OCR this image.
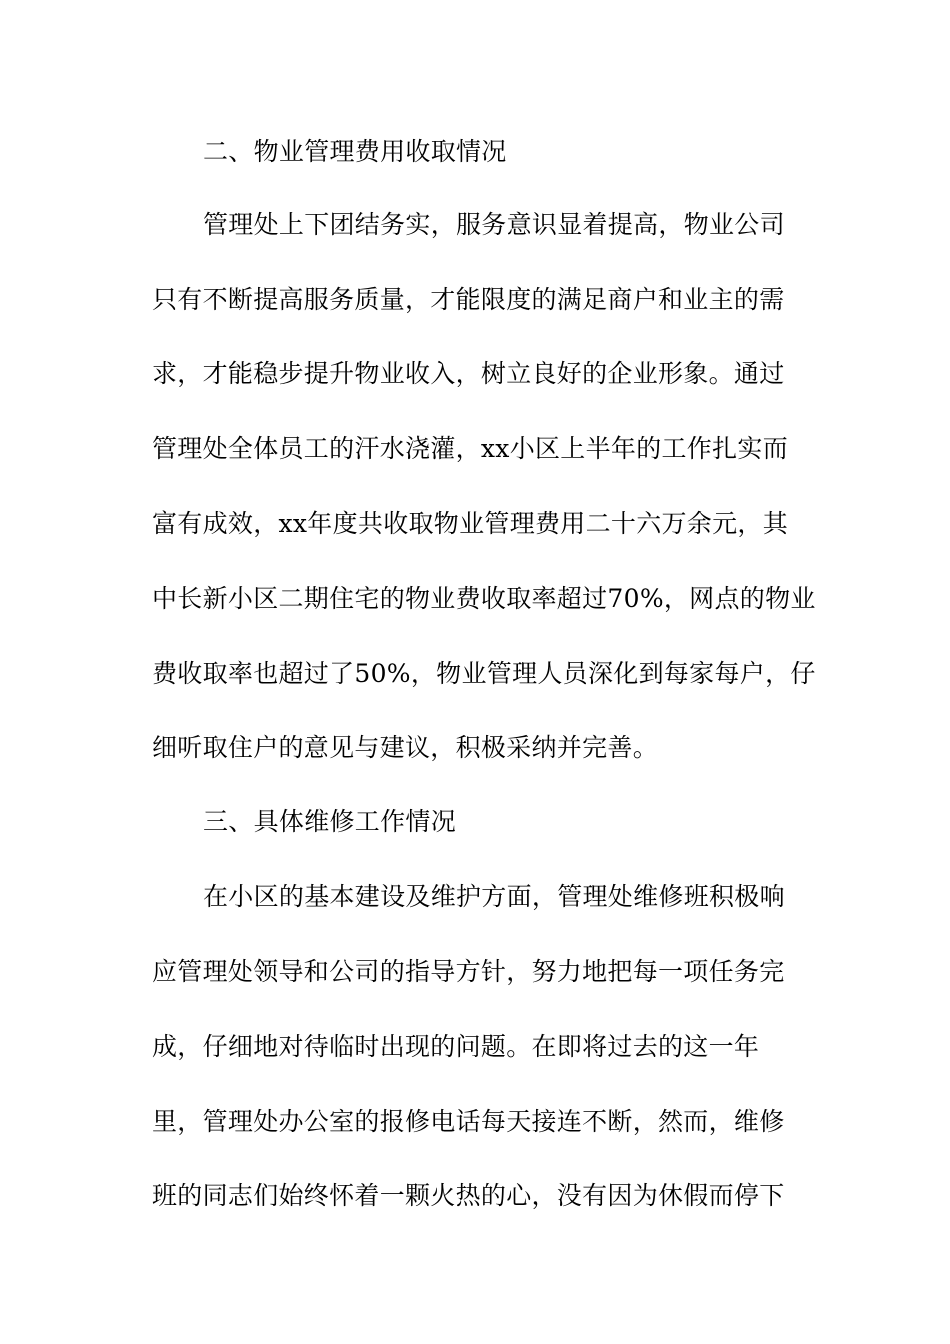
二、物业管理费用收取情况
管理处上下团结务实，服务意识显着提高，物业公司
只有不断提高服务质量，才能限度的满足商户和业主的需
求，才能稳步提升物业收入，树立良好的企业形象。通过
管理处全体员工的汗水浇灌，xx小区上半年的工作扎实而
富有成效，xx年度共收取物业管理费用二十六万余元，其
中长新小区二期住宅的物业费收取率超过70%，网点的物业
费收取率也超过了50%，物业管理人员深化到每家每户，仔
细听取住户的意见与建议，积极采纳并完善。
三、具体维修工作情况
在小区的基本建设及维护方面，管理处维修班积极响
应管理处领导和公司的指导方针，努力地把每一项任务完
成，仔细地对待临时出现的问题。在即将过去的这一年
里，管理处办公室的报修电话每天接连不断，然而，维修
班的同志们始终怀着一颗火热的心，没有因为休假而停下
